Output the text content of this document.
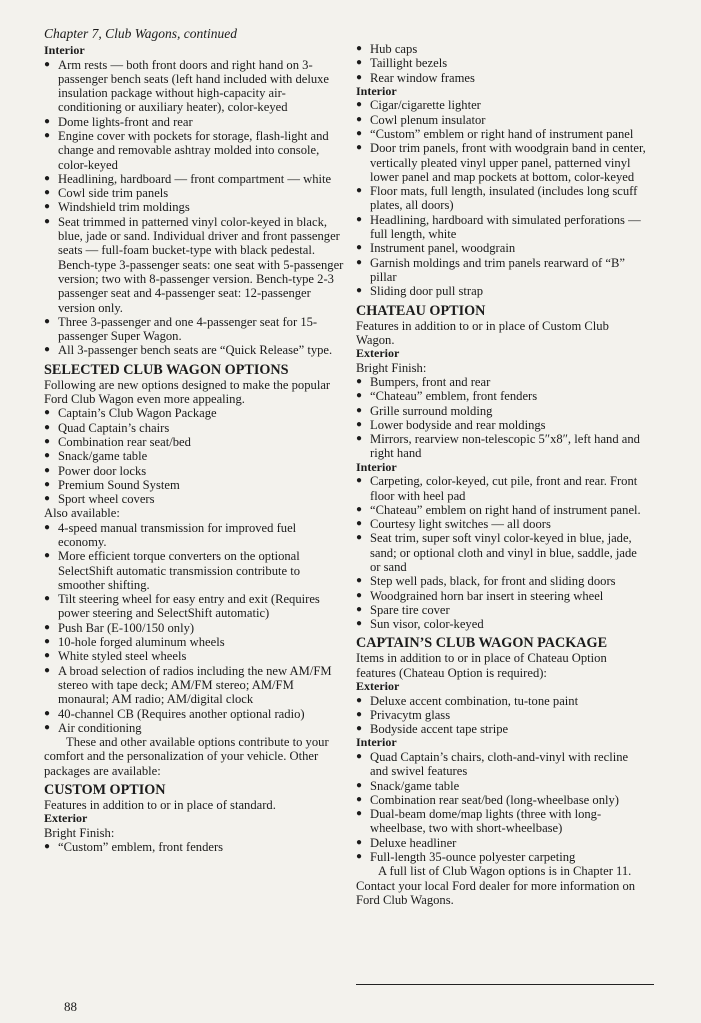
Chapter 7, Club Wagons, continued
Interior
● Arm rests — both front doors and right hand on 3-passenger bench seats (left hand included with deluxe insulation package without high-capacity air-conditioning or auxiliary heater), color-keyed
● Dome lights-front and rear
● Engine cover with pockets for storage, flash-light and change and removable ashtray molded into console, color-keyed
● Headlining, hardboard — front compartment — white
● Cowl side trim panels
● Windshield trim moldings
● Seat trimmed in patterned vinyl color-keyed in black, blue, jade or sand. Individual driver and front passenger seats — full-foam bucket-type with black pedestal. Bench-type 3-passenger seats: one seat with 5-passenger version; two with 8-passenger version. Bench-type 2-3 passenger seat and 4-passenger seat: 12-passenger version only.
● Three 3-passenger and one 4-passenger seat for 15-passenger Super Wagon.
● All 3-passenger bench seats are “Quick Release” type.
SELECTED CLUB WAGON OPTIONS

Following are new options designed to make the popular Ford Club Wagon even more appealing.

● Captain’s Club Wagon Package
● Quad Captain’s chairs
● Combination rear seat/bed
● Snack/game table
● Power door locks
● Premium Sound System
● Sport wheel covers

Also available:

● 4-speed manual transmission for improved fuel economy.
● More efficient torque converters on the optional SelectShift automatic transmission contribute to smoother shifting.
● Tilt steering wheel for easy entry and exit (Requires power steering and SelectShift automatic)
● Push Bar (E-100/150 only)
● 10-hole forged aluminum wheels
● White styled steel wheels
● A broad selection of radios including the new AM/FM stereo with tape deck; AM/FM stereo; AM/FM monaural; AM radio; AM/digital clock
● 40-channel CB (Requires another optional radio)
● Air conditioning

These and other available options contribute to your comfort and the personalization of your vehicle. Other packages are available:

CUSTOM OPTION

Features in addition to or in place of standard.

Exterior

Bright Finish:

● “Custom” emblem, front fenders
● Hub caps
● Taillight bezels
● Rear window frames
Interior
● Cigar/cigarette lighter
● Cowl plenum insulator
● “Custom” emblem or right hand of instrument panel
● Door trim panels, front with woodgrain band in center, vertically pleated vinyl upper panel, patterned vinyl lower panel and map pockets at bottom, color-keyed
● Floor mats, full length, insulated (includes long scuff plates, all doors)
● Headlining, hardboard with simulated perforations — full length, white
● Instrument panel, woodgrain
● Garnish moldings and trim panels rearward of “B” pillar
● Sliding door pull strap
CHATEAU OPTION

Features in addition to or in place of Custom Club Wagon.

Exterior

Bright Finish:

● Bumpers, front and rear
● “Chateau” emblem, front fenders
● Grille surround molding
● Lower bodyside and rear moldings
● Mirrors, rearview non-telescopic 5″x8″, left hand and right hand
Interior
● Carpeting, color-keyed, cut pile, front and rear. Front floor with heel pad
● “Chateau” emblem on right hand of instrument panel.
● Courtesy light switches — all doors
● Seat trim, super soft vinyl color-keyed in blue, jade, sand; or optional cloth and vinyl in blue, saddle, jade or sand
● Step well pads, black, for front and sliding doors
● Woodgrained horn bar insert in steering wheel
● Spare tire cover
● Sun visor, color-keyed
CAPTAIN’S CLUB WAGON PACKAGE

Items in addition to or in place of Chateau Option features (Chateau Option is required):

Exterior
● Deluxe accent combination, tu-tone paint
● Privacytm glass
● Bodyside accent tape stripe
Interior
● Quad Captain’s chairs, cloth-and-vinyl with recline and swivel features
● Snack/game table
● Combination rear seat/bed (long-wheelbase only)
● Dual-beam dome/map lights (three with long-wheelbase, two with short-wheelbase)
● Deluxe headliner
● Full-length 35-ounce polyester carpeting

A full list of Club Wagon options is in Chapter 11. Contact your local Ford dealer for more information on Ford Club Wagons.

88
